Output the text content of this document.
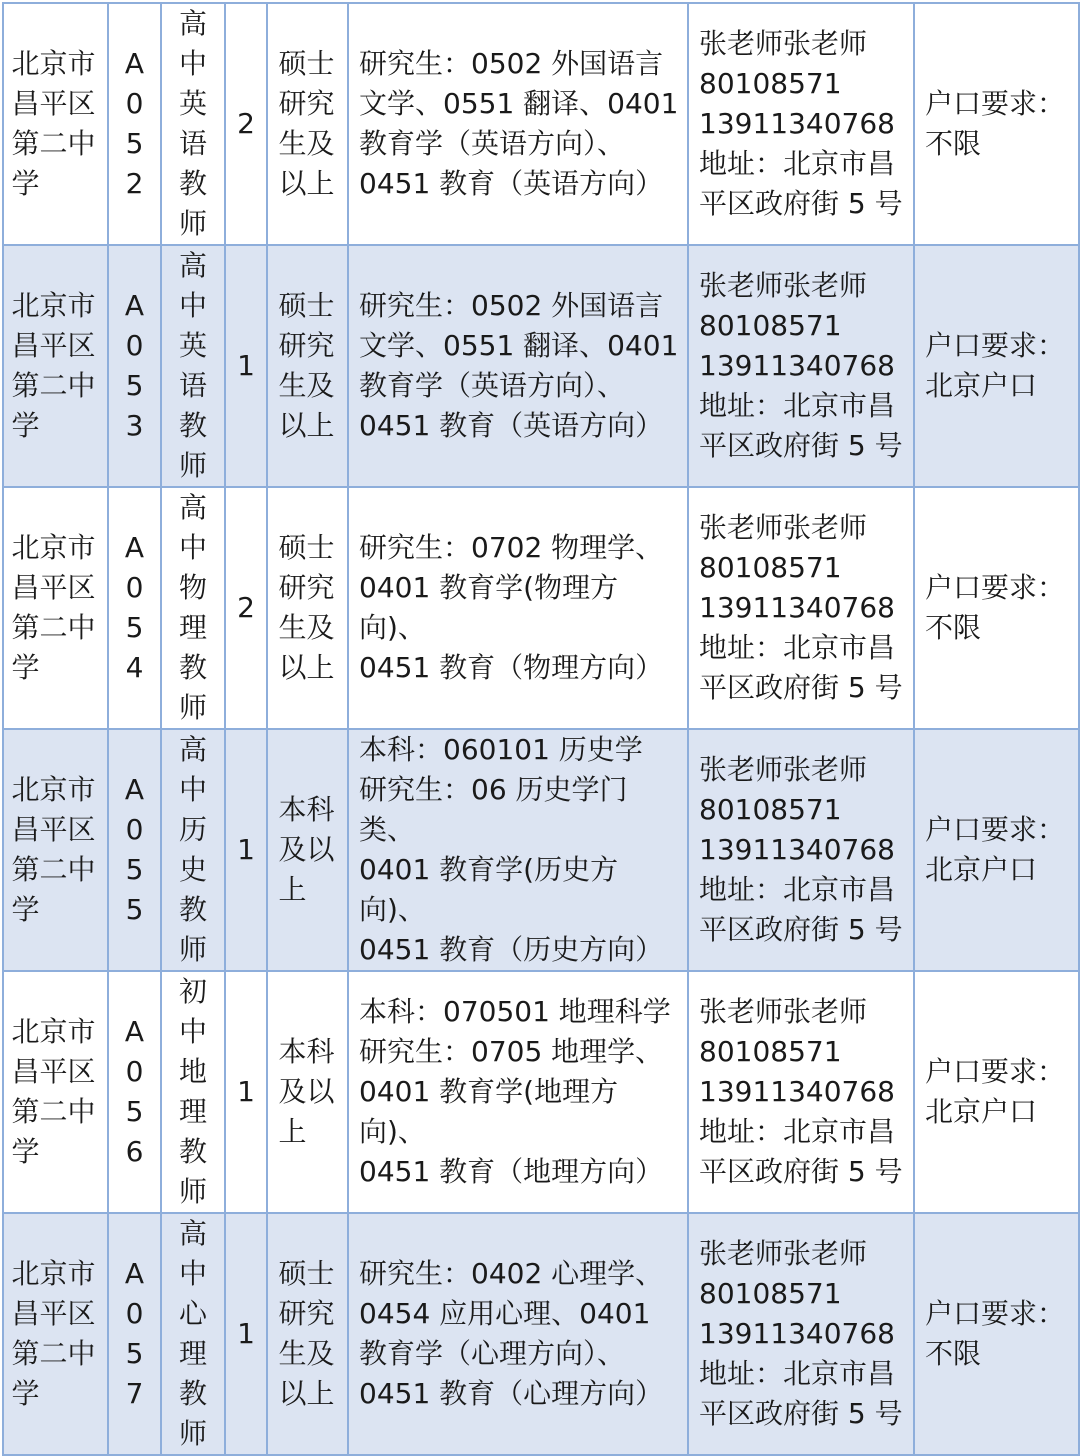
北京市昌平区第二中学	A052	高中英语教师	2	硕士研究生及以上	研究生：0502 外国语言文学、0551 翻译、0401 教育学（英语方向）、0451 教育（英语方向）	张老师张老师
80108571
13911340768
地址：北京市昌平区政府街 5 号	户口要求：
不限

北京市昌平区第二中学	A053	高中英语教师	1	硕士研究生及以上	研究生：0502 外国语言文学、0551 翻译、0401 教育学（英语方向）、0451 教育（英语方向）	张老师张老师
80108571
13911340768
地址：北京市昌平区政府街 5 号	户口要求：
北京户口

北京市昌平区第二中学	A054	高中物理教师	2	硕士研究生及以上	研究生：0702 物理学、
0401 教育学(物理方向)、
0451 教育（物理方向）	张老师张老师
80108571
13911340768
地址：北京市昌平区政府街 5 号	户口要求：
不限

北京市昌平区第二中学	A055	高中历史教师	1	本科及以上	本科：060101 历史学
研究生：06 历史学门类、
0401 教育学(历史方向)、
0451 教育（历史方向）	张老师张老师
80108571
13911340768
地址：北京市昌平区政府街 5 号	户口要求：
北京户口

北京市昌平区第二中学	A056	初中地理教师	1	本科及以上	本科：070501 地理科学
研究生：0705 地理学、
0401 教育学(地理方向)、
0451 教育（地理方向）	张老师张老师
80108571
13911340768
地址：北京市昌平区政府街 5 号	户口要求：
北京户口

北京市昌平区第二中学	A057	高中心理教师	1	硕士研究生及以上	研究生：0402 心理学、0454 应用心理、0401 教育学（心理方向）、0451 教育（心理方向）	张老师张老师
80108571
13911340768
地址：北京市昌平区政府街 5 号	户口要求：
不限
